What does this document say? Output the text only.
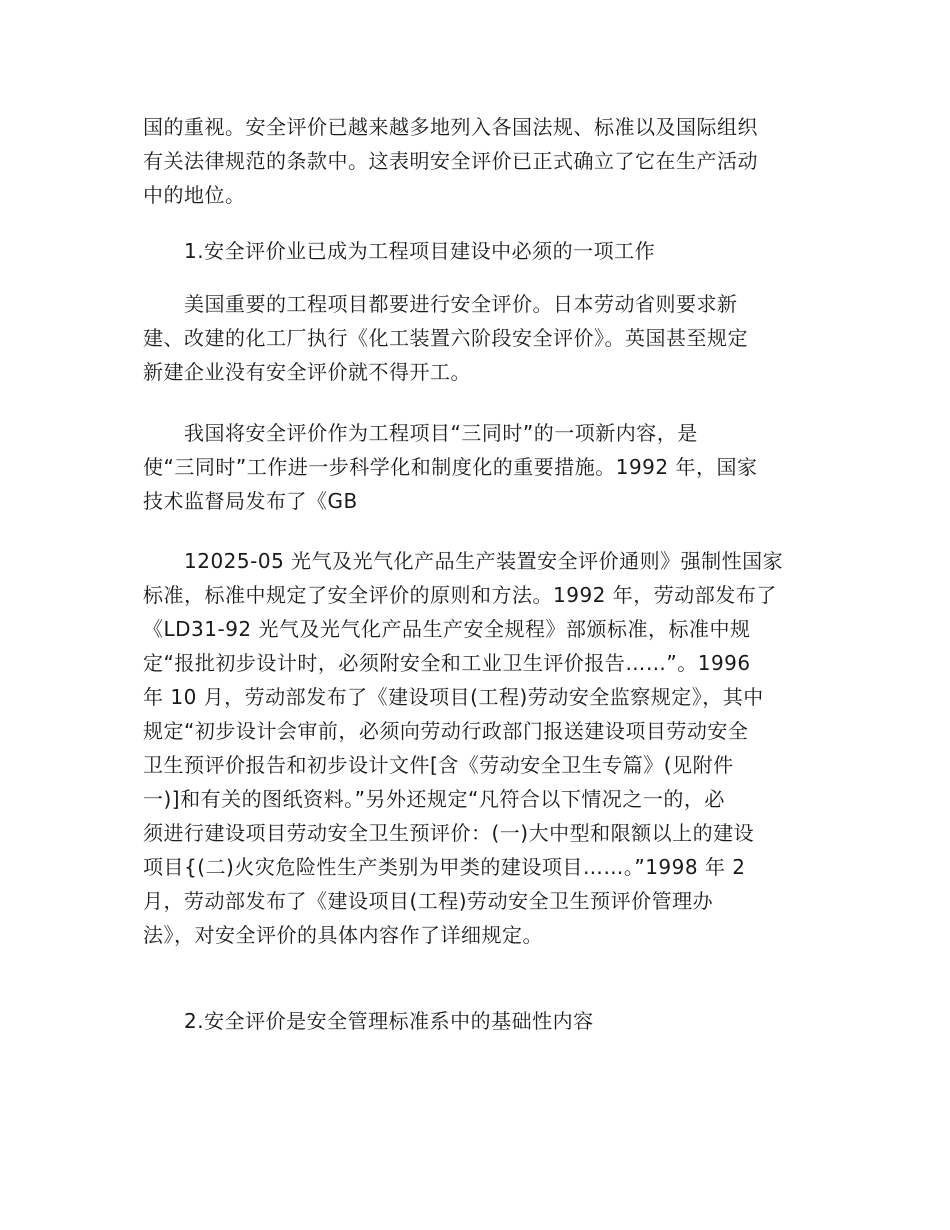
国的重视。安全评价已越来越多地列入各国法规、标准以及国际组织
有关法律规范的条款中。这表明安全评价已正式确立了它在生产活动
中的地位。
1.安全评价业已成为工程项目建设中必须的一项工作
美国重要的工程项目都要进行安全评价。日本劳动省则要求新
建、改建的化工厂执行《化工装置六阶段安全评价》。英国甚至规定
新建企业没有安全评价就不得开工。
我国将安全评价作为工程项目“三同时”的一项新内容，是
使“三同时”工作进一步科学化和制度化的重要措施。1992 年，国家
技术监督局发布了《GB
12025-05 光气及光气化产品生产装置安全评价通则》强制性国家
标准，标准中规定了安全评价的原则和方法。1992 年，劳动部发布了
《LD31-92 光气及光气化产品生产安全规程》部颁标准，标准中规
定“报批初步设计时，必须附安全和工业卫生评价报告……”。1996
年 10 月，劳动部发布了《建设项目(工程)劳动安全监察规定》，其中
规定“初步设计会审前，必须向劳动行政部门报送建设项目劳动安全
卫生预评价报告和初步设计文件[含《劳动安全卫生专篇》(见附件
一)]和有关的图纸资料。”另外还规定“凡符合以下情况之一的，必
须进行建设项目劳动安全卫生预评价：(一)大中型和限额以上的建设
项目{(二)火灾危险性生产类别为甲类的建设项目……。”1998 年 2
月，劳动部发布了《建设项目(工程)劳动安全卫生预评价管理办
法》，对安全评价的具体内容作了详细规定。
2.安全评价是安全管理标准系中的基础性内容
